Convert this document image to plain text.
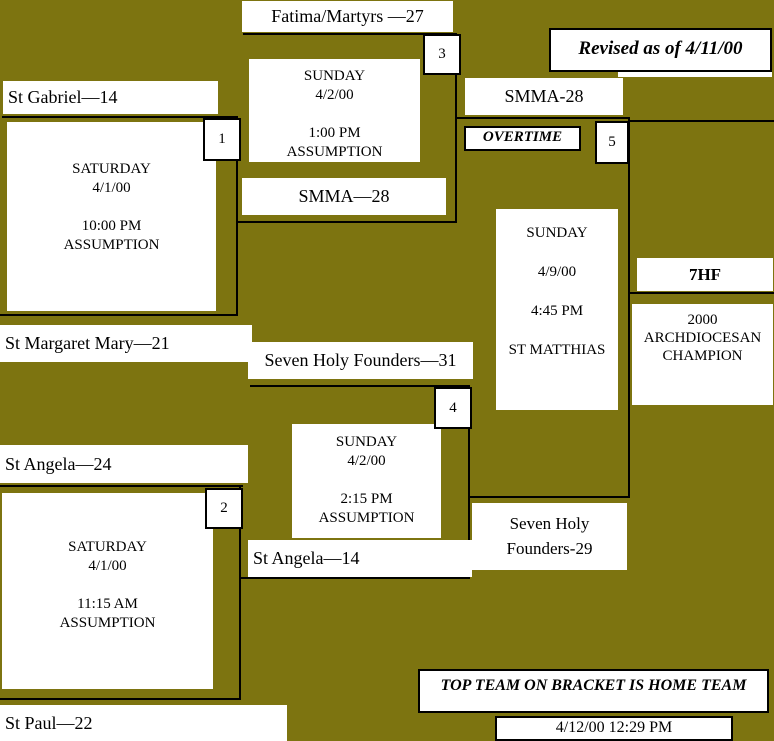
Fatima/Martyrs —27
St Gabriel—14
SMMA—28
SMMA-28
St Margaret Mary—21
Seven Holy Founders—31
St Angela—24
St Angela—14
St Paul—22
Seven Holy
Founders-29
7HF
2000
ARCHDIOCESAN
CHAMPION
SATURDAY
4/1/00
10:00 PM
ASSUMPTION
SATURDAY
4/1/00
11:15 AM
ASSUMPTION
SUNDAY
4/2/00
1:00 PM
ASSUMPTION
SUNDAY
4/2/00
2:15 PM
ASSUMPTION
SUNDAY
4/9/00
4:45 PM
ST MATTHIAS
1
2
3
4
5
Revised as of 4/11/00
OVERTIME
TOP TEAM ON BRACKET IS HOME TEAM
4/12/00 12:29 PM
